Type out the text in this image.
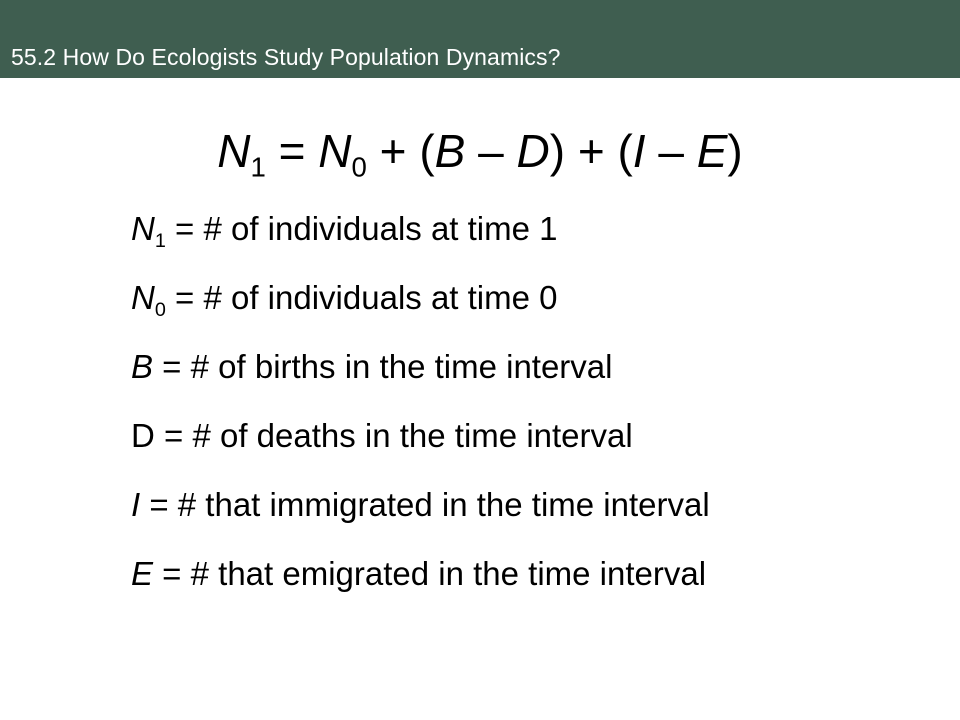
55.2 How Do Ecologists Study Population Dynamics?
$N_1 = N_0 + (B - D) + (I - E)$
$N_1$ = # of individuals at time 1
$N_0$ = # of individuals at time 0
B = # of births in the time interval
D = # of deaths in the time interval
I = # that immigrated in the time interval
E = # that emigrated in the time interval
